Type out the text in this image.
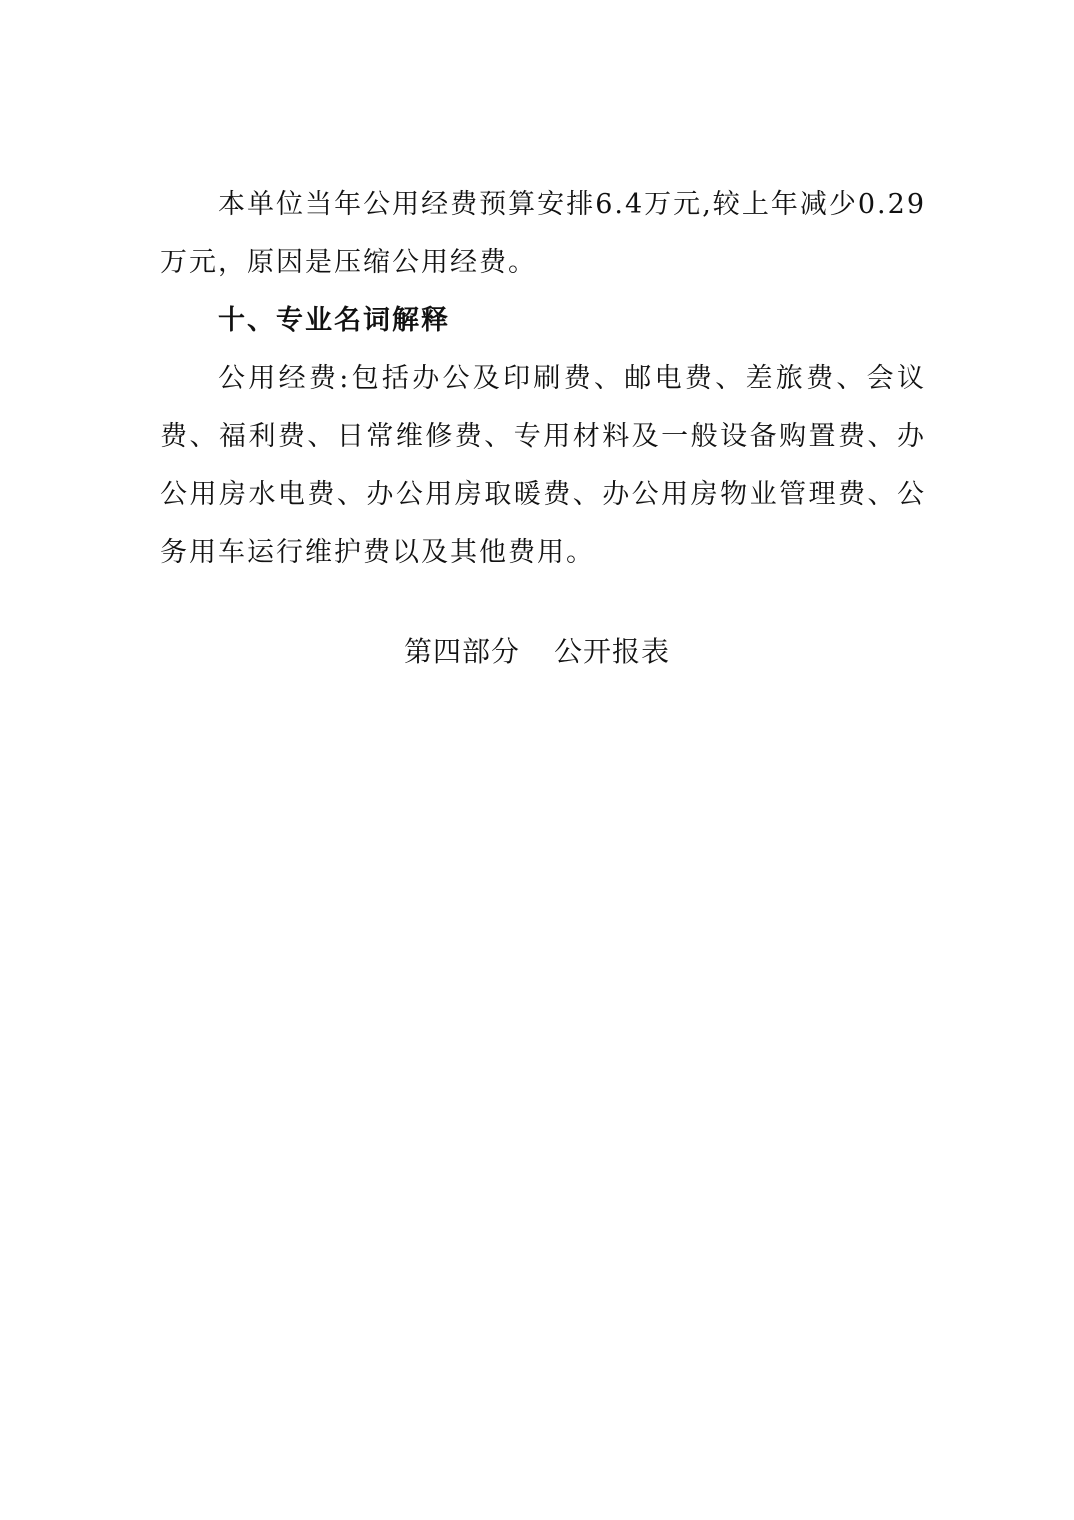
本单位当年公用经费预算安排6.4万元,较上年减少0.29万元，原因是压缩公用经费。

十、专业名词解释

公用经费:包括办公及印刷费、邮电费、差旅费、会议费、福利费、日常维修费、专用材料及一般设备购置费、办公用房水电费、办公用房取暖费、办公用房物业管理费、公务用车运行维护费以及其他费用。

第四部分 公开报表
